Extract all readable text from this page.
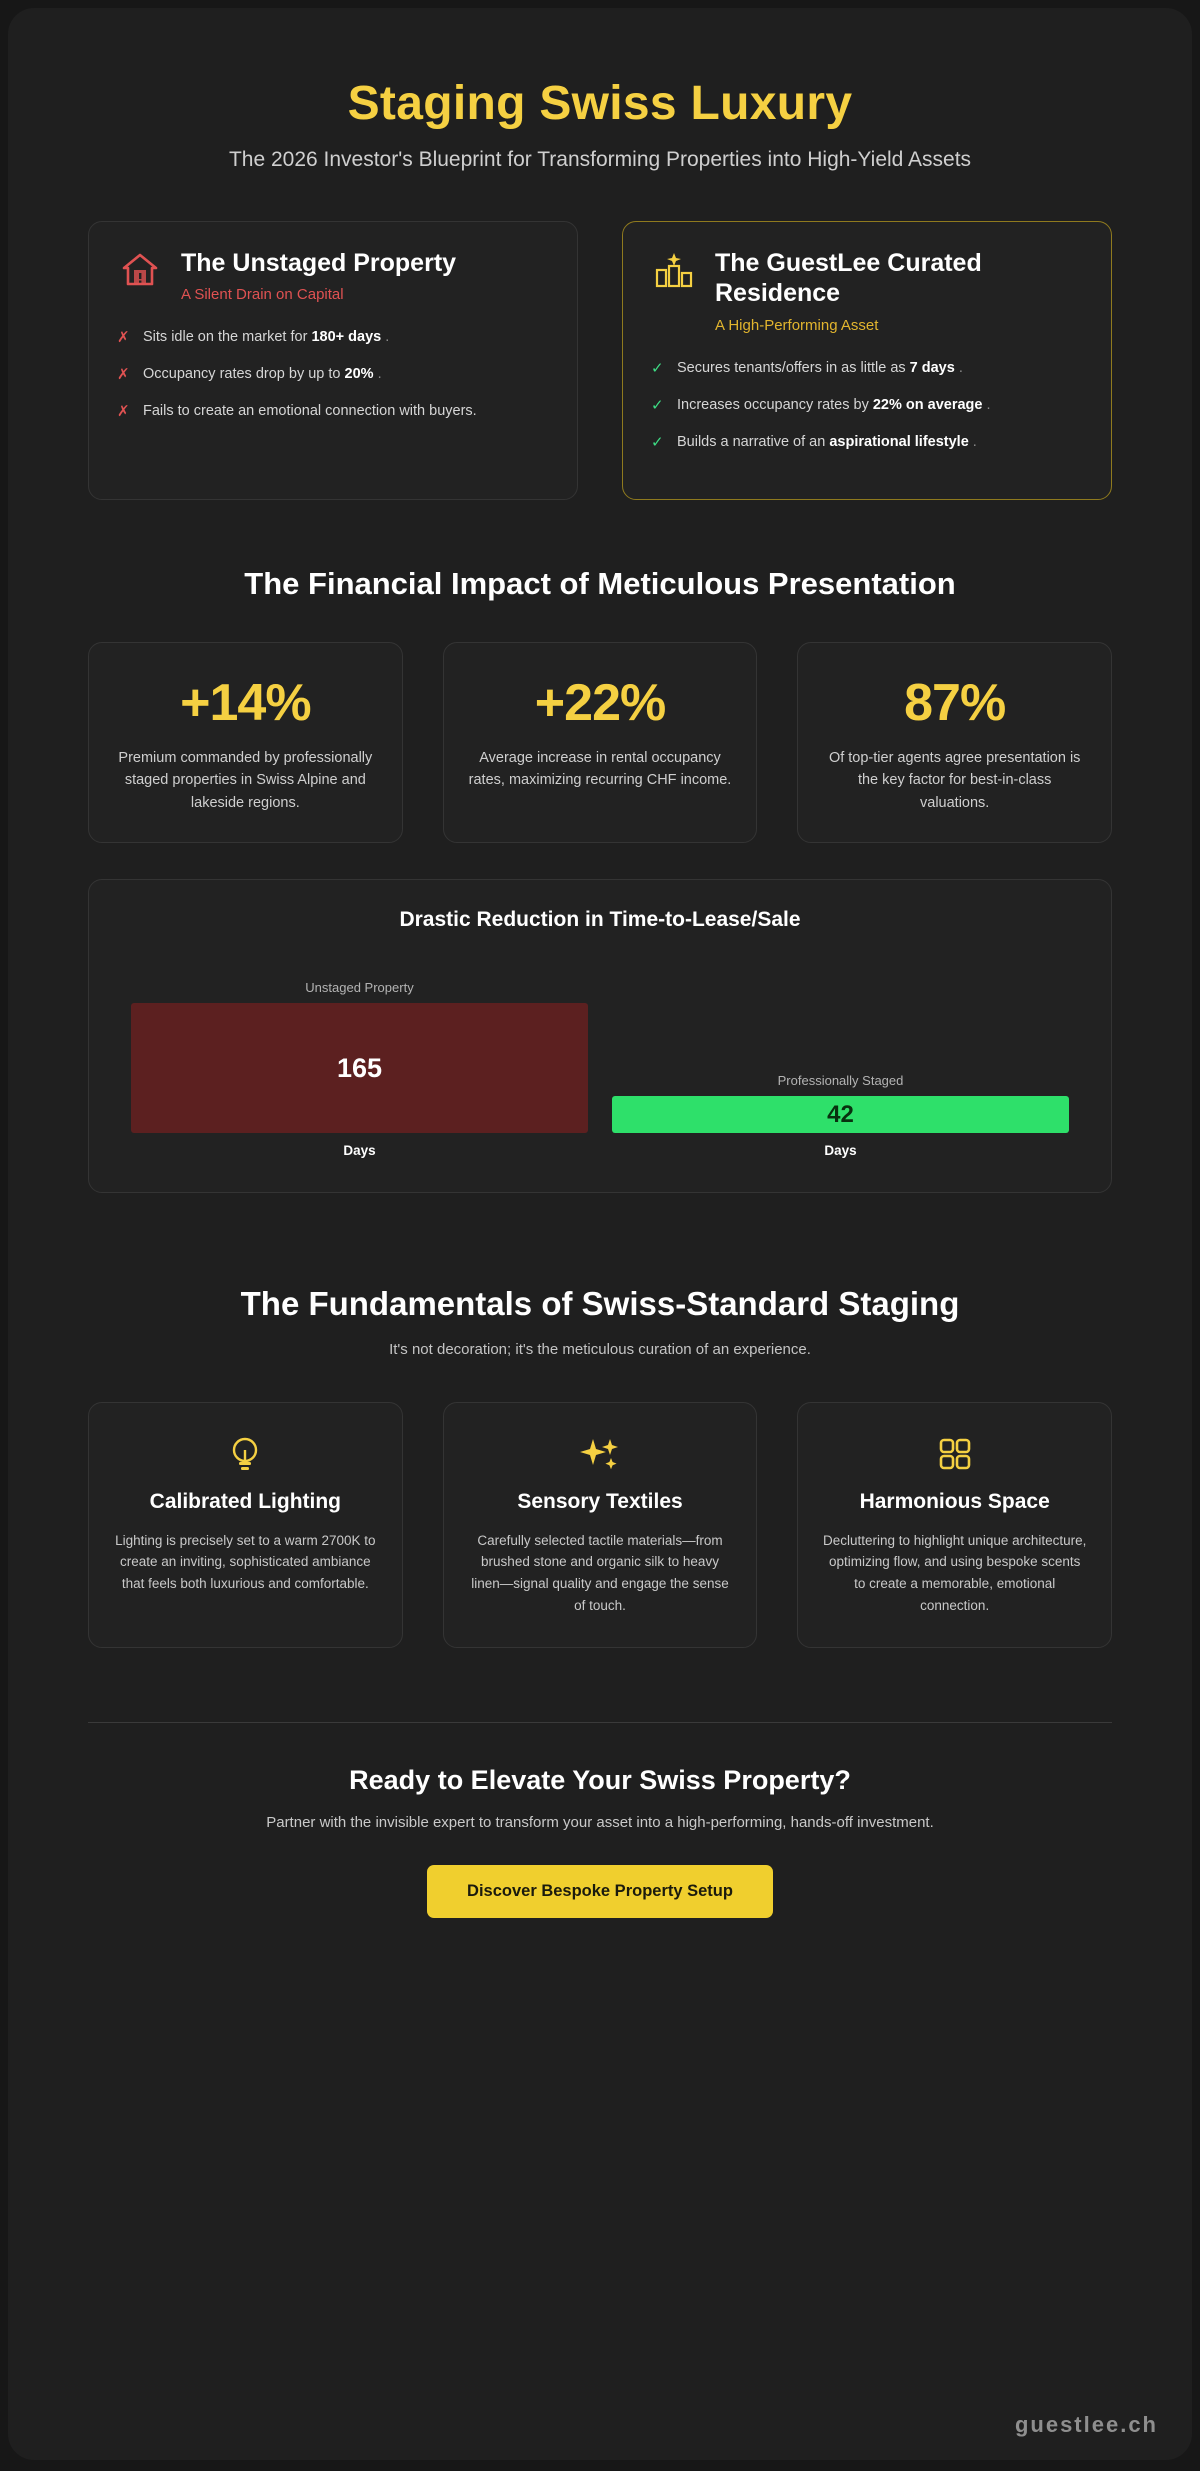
Staging Swiss Luxury
The 2026 Investor's Blueprint for Transforming Properties into High-Yield Assets
The Unstaged Property
A Silent Drain on Capital
✗ Sits idle on the market for 180+ days .
✗ Occupancy rates drop by up to 20% .
✗ Fails to create an emotional connection with buyers.
The GuestLee Curated Residence
A High-Performing Asset
✓ Secures tenants/offers in as little as 7 days .
✓ Increases occupancy rates by 22% on average .
✓ Builds a narrative of an aspirational lifestyle .
The Financial Impact of Meticulous Presentation
+14%
Premium commanded by professionally staged properties in Swiss Alpine and lakeside regions.
+22%
Average increase in rental occupancy rates, maximizing recurring CHF income.
87%
Of top-tier agents agree presentation is the key factor for best-in-class valuations.
Drastic Reduction in Time-to-Lease/Sale
Unstaged Property
165
Days
Professionally Staged
42
Days
The Fundamentals of Swiss-Standard Staging
It's not decoration; it's the meticulous curation of an experience.
Calibrated Lighting
Lighting is precisely set to a warm 2700K to create an inviting, sophisticated ambiance that feels both luxurious and comfortable.
Sensory Textiles
Carefully selected tactile materials—from brushed stone and organic silk to heavy linen—signal quality and engage the sense of touch.
Harmonious Space
Decluttering to highlight unique architecture, optimizing flow, and using bespoke scents to create a memorable, emotional connection.
Ready to Elevate Your Swiss Property?
Partner with the invisible expert to transform your asset into a high-performing, hands-off investment.
Discover Bespoke Property Setup
guestlee.ch
